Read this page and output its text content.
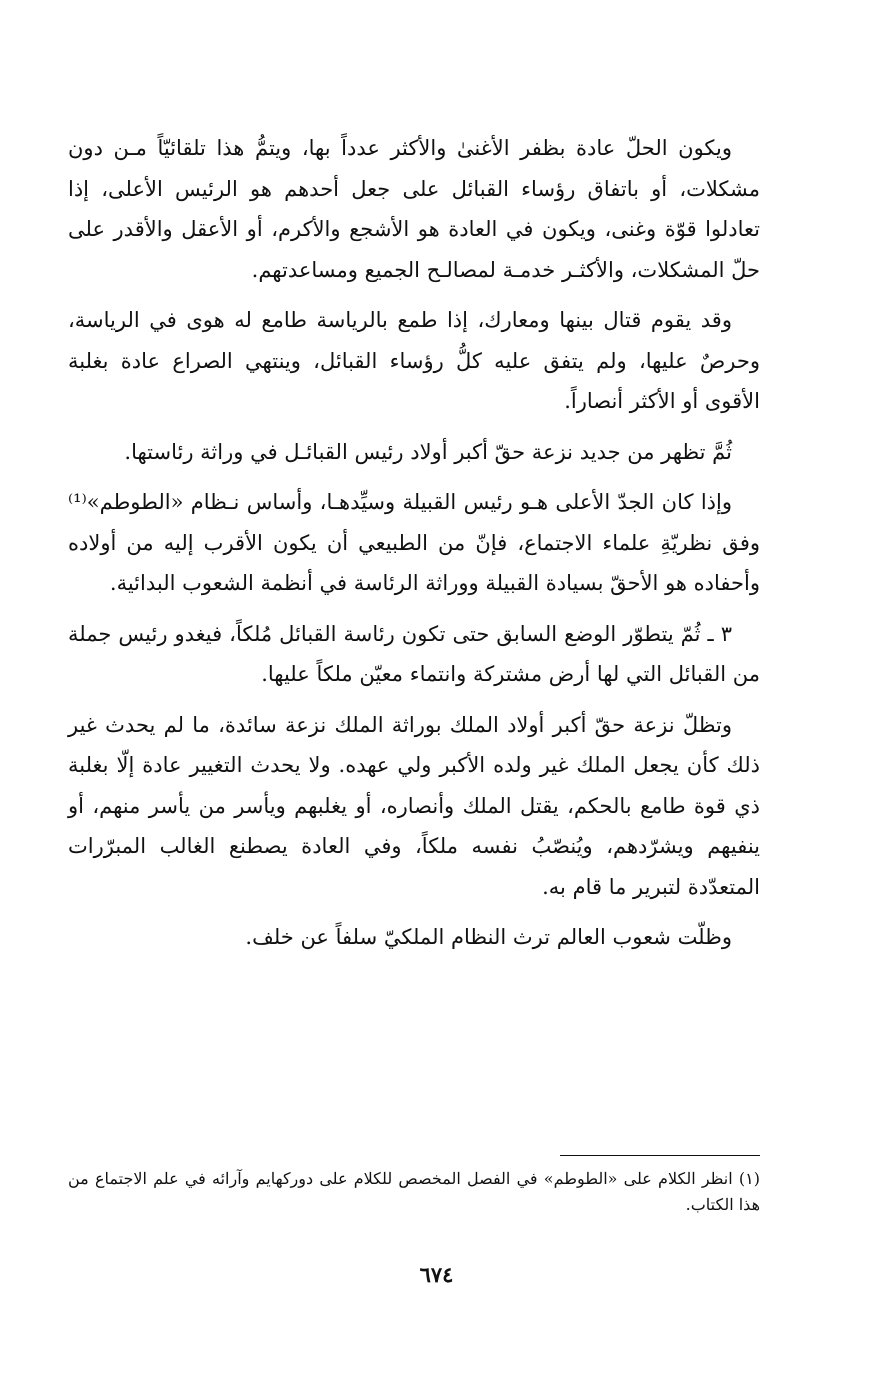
ويكون الحلّ عادة بظفر الأغنىٰ والأكثر عدداً بها، ويتمُّ هذا تلقائيّاً مـن دون مشكلات، أو باتفاق رؤساء القبائل على جعل أحدهم هو الرئيس الأعلى، إذا تعادلوا قوّة وغنى، ويكون في العادة هو الأشجع والأكرم، أو الأعقل والأقدر على حلّ المشكلات، والأكثـر خدمـة لمصالـح الجميع ومساعدتهم.

وقد يقوم قتال بينها ومعارك، إذا طمع بالرياسة طامع له هوى في الرياسة، وحرصٌ عليها، ولم يتفق عليه كلُّ رؤساء القبائل، وينتهي الصراع عادة بغلبة الأقوى أو الأكثر أنصاراً.

ثُمَّ تظهر من جديد نزعة حقّ أكبر أولاد رئيس القبائـل في وراثة رئاستها.

وإذا كان الجدّ الأعلى هـو رئيس القبيلة وسيِّدهـا، وأساس نـظام «الطوطم»⁽¹⁾ وفق نظريّةِ علماء الاجتماع، فإنّ من الطبيعي أن يكون الأقرب إليه من أولاده وأحفاده هو الأحقّ بسيادة القبيلة ووراثة الرئاسة في أنظمة الشعوب البدائية.

٣ ـ ثُمّ يتطوّر الوضع السابق حتى تكون رئاسة القبائل مُلكاً، فيغدو رئيس جملة من القبائل التي لها أرض مشتركة وانتماء معيّن ملكاً عليها.

وتظلّ نزعة حقّ أكبر أولاد الملك بوراثة الملك نزعة سائدة، ما لم يحدث غير ذلك كأن يجعل الملك غير ولده الأكبر ولي عهده. ولا يحدث التغيير عادة إلّا بغلبة ذي قوة طامع بالحكم، يقتل الملك وأنصاره، أو يغلبهم ويأسر من يأسر منهم، أو ينفيهم ويشرّدهم، ويُنصّبُ نفسه ملكاً، وفي العادة يصطنع الغالب المبرّرات المتعدّدة لتبرير ما قام به.

وظلّت شعوب العالم ترث النظام الملكيّ سلفاً عن خلف.

(١) انظر الكلام على «الطوطم» في الفصل المخصص للكلام على دوركهايم وآرائه في علم الاجتماع من هذا الكتاب.

٦٧٤
